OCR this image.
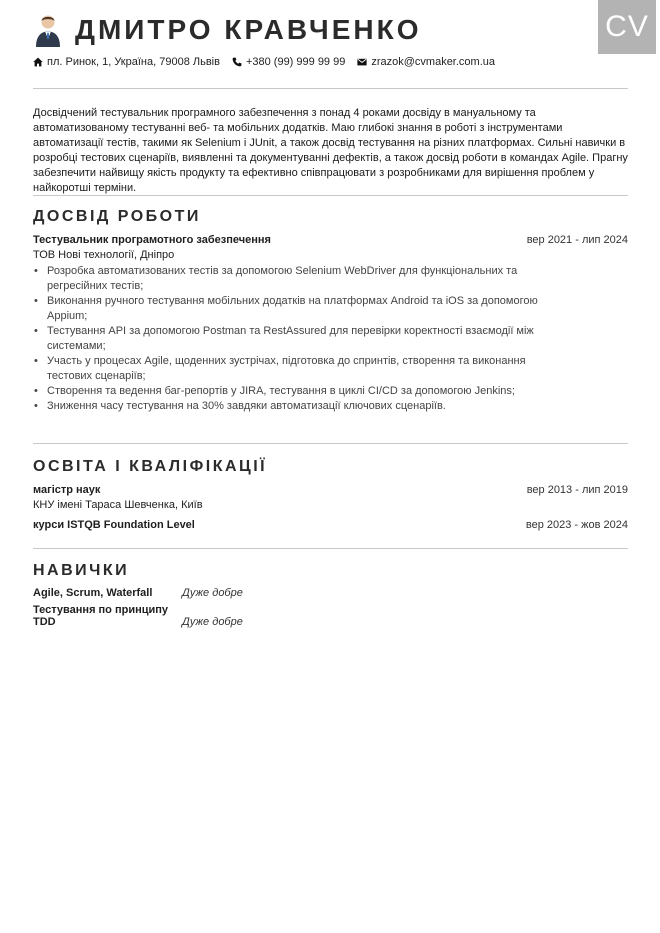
CV
ДМИТРО КРАВЧЕНКО
пл. Ринок, 1, Україна, 79008 Львів +380 (99) 999 99 99 zrazok@cvmaker.com.ua

Досвідчений тестувальник програмного забезпечення з понад 4 роками досвіду в мануальному та автоматизованому тестуванні веб- та мобільних додатків. Маю глибокі знання в роботі з інструментами автоматизації тестів, такими як Selenium і JUnit, а також досвід тестування на різних платформах. Сильні навички в розробці тестових сценаріїв, виявленні та документуванні дефектів, а також досвід роботи в командах Agile. Прагну забезпечити найвищу якість продукту та ефективно співпрацювати з розробниками для вирішення проблем у найкоротші терміни.

ДОСВІД РОБОТИ
Тестувальник програмотного забезпечення	вер 2021 - лип 2024
ТОВ Нові технології, Дніпро
• Розробка автоматизованих тестів за допомогою Selenium WebDriver для функціональних та регресійних тестів;
• Виконання ручного тестування мобільних додатків на платформах Android та iOS за допомогою Appium;
• Тестування API за допомогою Postman та RestAssured для перевірки коректності взаємодії між системами;
• Участь у процесах Agile, щоденних зустрічах, підготовка до спринтів, створення та виконання тестових сценаріїв;
• Створення та ведення баг-репортів у JIRA, тестування в циклі CI/CD за допомогою Jenkins;
• Зниження часу тестування на 30% завдяки автоматизації ключових сценаріїв.
ОСВІТА І КВАЛІФІКАЦІЇ
магістр наук	вер 2013 - лип 2019
КНУ імені Тараса Шевченка, Київ
курси ISTQB Foundation Level	вер 2023 - жов 2024
НАВИЧКИ
Agile, Scrum, Waterfall	Дуже добре
Тестування по принципу TDD	Дуже добре
